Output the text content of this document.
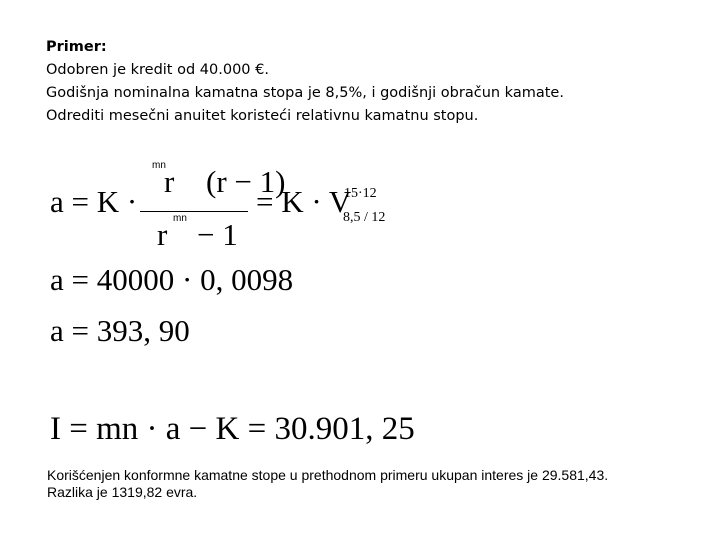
Primer:
Odobren je kredit od 40.000 €.
Godišnja nominalna kamatna stopa je 8,5%, i godišnji obračun kamate.
Odrediti mesečni anuitet koristeći relativnu kamatnu stopu.
a = K ·
mn
r (r − 1)
r mn − 1
= K · V
15·12
8,5 / 12
a = 40000 · 0, 0098
a = 393, 90
I = mn · a − K = 30.901, 25
Korišćenjen konformne kamatne stope u prethodnom primeru ukupan interes je 29.581,43.
Razlika je 1319,82 evra.
